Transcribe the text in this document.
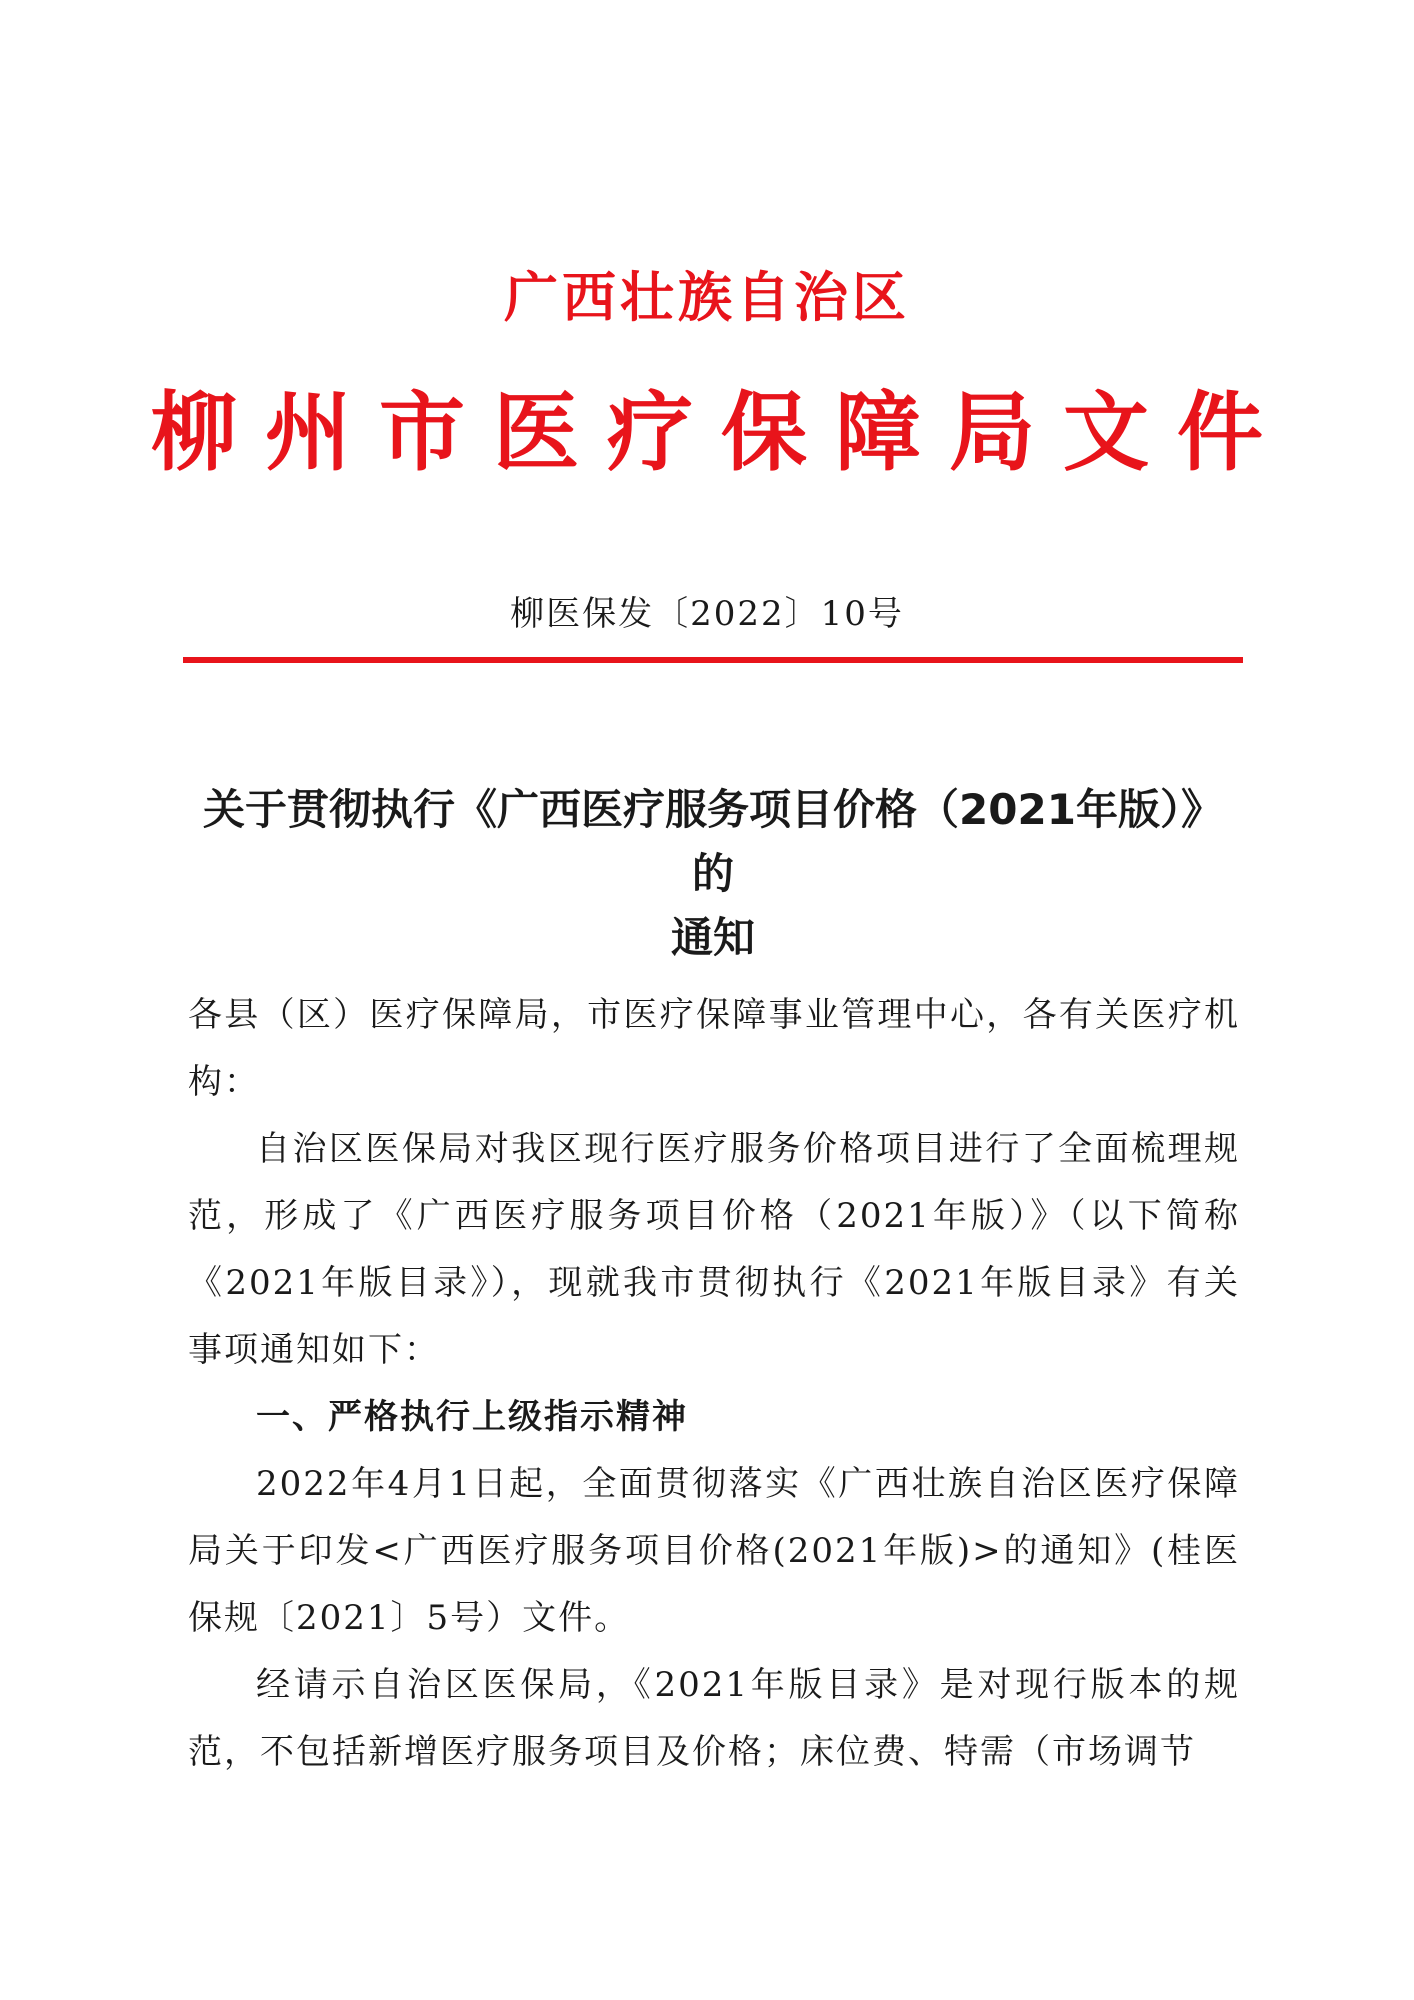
广西壮族自治区
柳州市医疗保障局文件
柳医保发〔2022〕10号
关于贯彻执行《广西医疗服务项目价格（2021年版）》的
通知

各县（区）医疗保障局，市医疗保障事业管理中心，各有关医疗机构：

自治区医保局对我区现行医疗服务价格项目进行了全面梳理规范，形成了《广西医疗服务项目价格（2021年版）》（以下简称《2021年版目录》），现就我市贯彻执行《2021年版目录》有关事项通知如下：

一、严格执行上级指示精神

2022年4月1日起，全面贯彻落实《广西壮族自治区医疗保障局关于印发<广西医疗服务项目价格(2021年版)>的通知》(桂医保规〔2021〕5号）文件。

经请示自治区医保局，《2021年版目录》是对现行版本的规范，不包括新增医疗服务项目及价格；床位费、特需（市场调节
